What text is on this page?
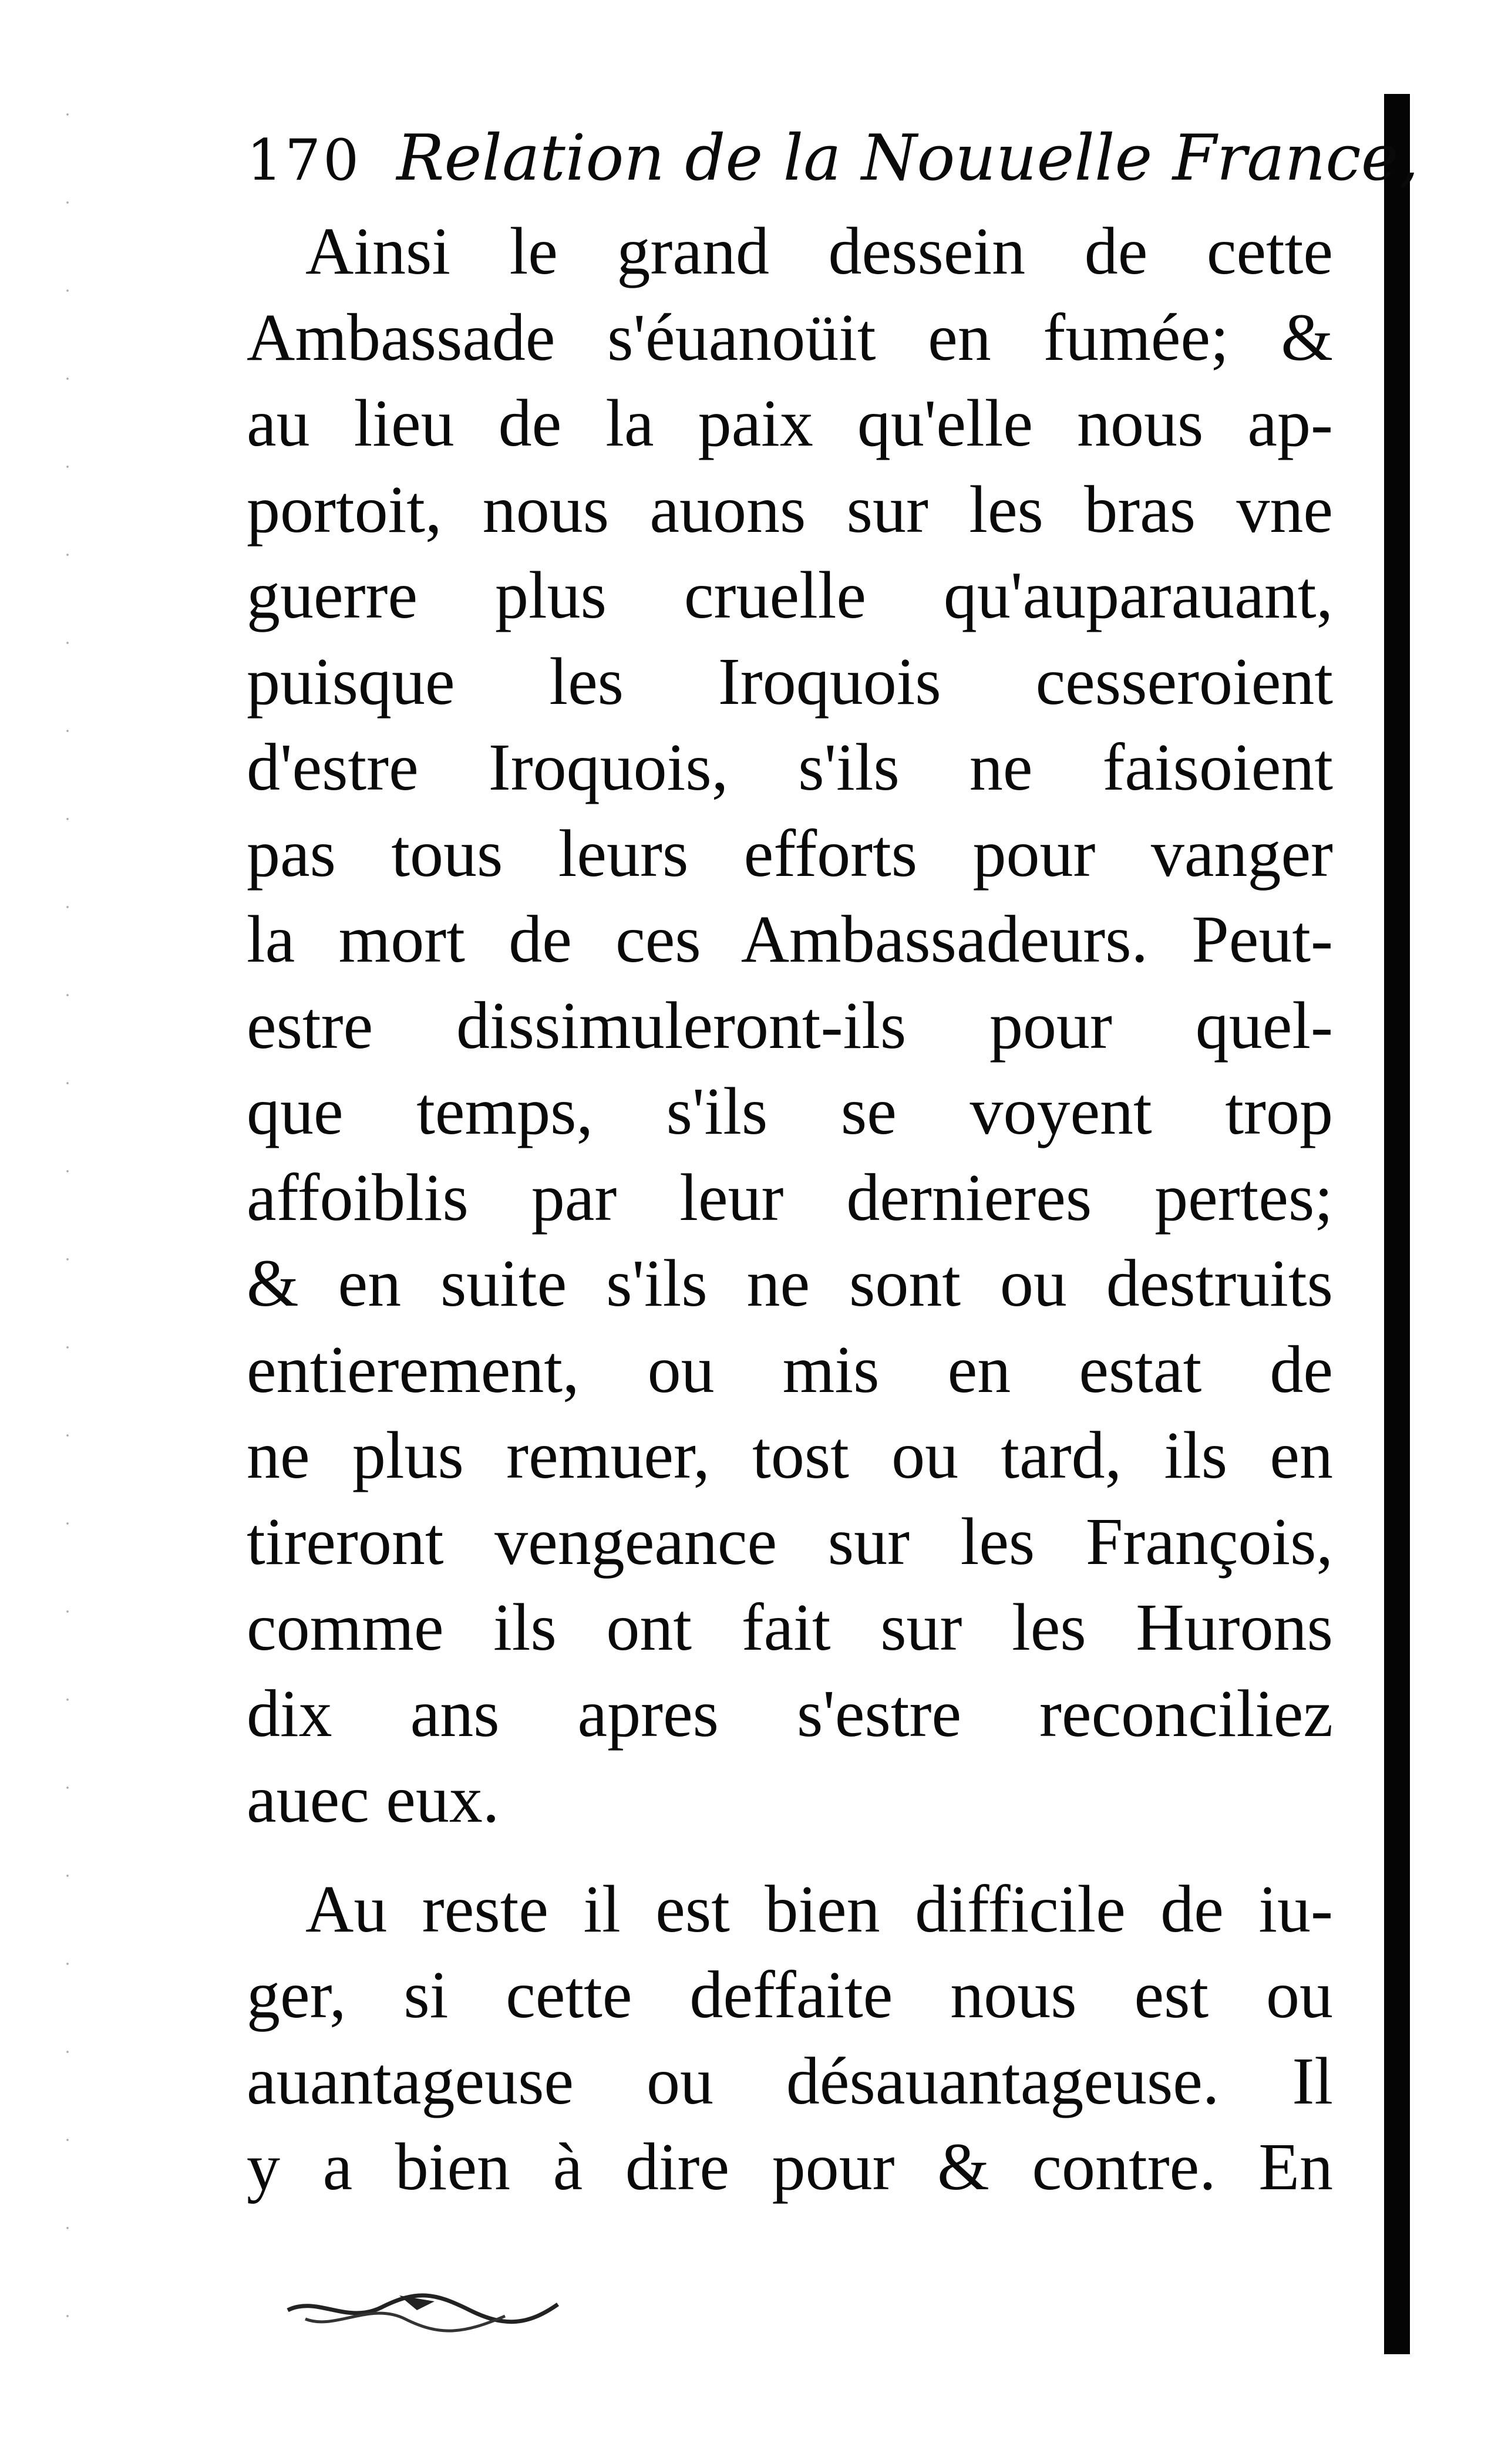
170 Relation de la Nouuelle France,
Ainsi le grand dessein de cette
Ambassade s'éuanoüit en fumée; &
au lieu de la paix qu'elle nous ap-
portoit, nous auons sur les bras vne
guerre plus cruelle qu'auparauant,
puisque les Iroquois cesseroient
d'estre Iroquois, s'ils ne faisoient
pas tous leurs efforts pour vanger
la mort de ces Ambassadeurs. Peut-
estre dissimuleront-ils pour quel-
que temps, s'ils se voyent trop
affoiblis par leur dernieres pertes;
& en suite s'ils ne sont ou destruits
entierement, ou mis en estat de
ne plus remuer, tost ou tard, ils en
tireront vengeance sur les François,
comme ils ont fait sur les Hurons
dix ans apres s'estre reconciliez
auec eux.
Au reste il est bien difficile de iu-
ger, si cette deffaite nous est ou
auantageuse ou désauantageuse. Il
y a bien à dire pour & contre. En
